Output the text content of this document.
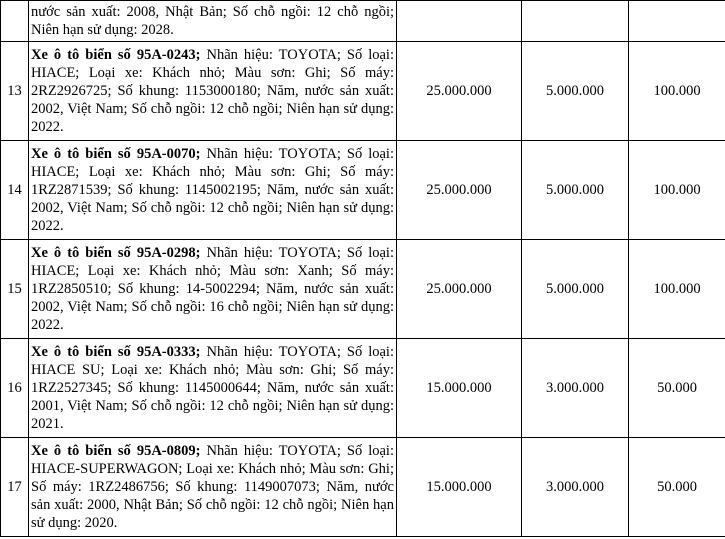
	nước sản xuất: 2008, Nhật Bản; Số chỗ ngồi: 12 chỗ ngồi; Niên hạn sử dụng: 2028.			
13	Xe ô tô biển số 95A-0243; Nhãn hiệu: TOYOTA; Số loại: HIACE; Loại xe: Khách nhỏ; Màu sơn: Ghi; Số máy: 2RZ2926725; Số khung: 1153000180; Năm, nước sản xuất: 2002, Việt Nam; Số chỗ ngồi: 12 chỗ ngồi; Niên hạn sử dụng: 2022.	25.000.000	5.000.000	100.000
14	Xe ô tô biển số 95A-0070; Nhãn hiệu: TOYOTA; Số loại: HIACE; Loại xe: Khách nhỏ; Màu sơn: Ghi; Số máy: 1RZ2871539; Số khung: 1145002195; Năm, nước sản xuất: 2002, Việt Nam; Số chỗ ngồi: 12 chỗ ngồi; Niên hạn sử dụng: 2022.	25.000.000	5.000.000	100.000
15	Xe ô tô biển số 95A-0298; Nhãn hiệu: TOYOTA; Số loại: HIACE; Loại xe: Khách nhỏ; Màu sơn: Xanh; Số máy: 1RZ2850510; Số khung: 14-5002294; Năm, nước sản xuất: 2002, Việt Nam; Số chỗ ngồi: 16 chỗ ngồi; Niên hạn sử dụng: 2022.	25.000.000	5.000.000	100.000
16	Xe ô tô biển số 95A-0333; Nhãn hiệu: TOYOTA; Số loại: HIACE SU; Loại xe: Khách nhỏ; Màu sơn: Ghi; Số máy: 1RZ2527345; Số khung: 1145000644; Năm, nước sản xuất: 2001, Việt Nam; Số chỗ ngồi: 12 chỗ ngồi; Niên hạn sử dụng: 2021.	15.000.000	3.000.000	50.000
17	Xe ô tô biển số 95A-0809; Nhãn hiệu: TOYOTA; Số loại: HIACE-SUPERWAGON; Loại xe: Khách nhỏ; Màu sơn: Ghi; Số máy: 1RZ2486756; Số khung: 1149007073; Năm, nước sản xuất: 2000, Nhật Bản; Số chỗ ngồi: 12 chỗ ngồi; Niên hạn sử dụng: 2020.	15.000.000	3.000.000	50.000
